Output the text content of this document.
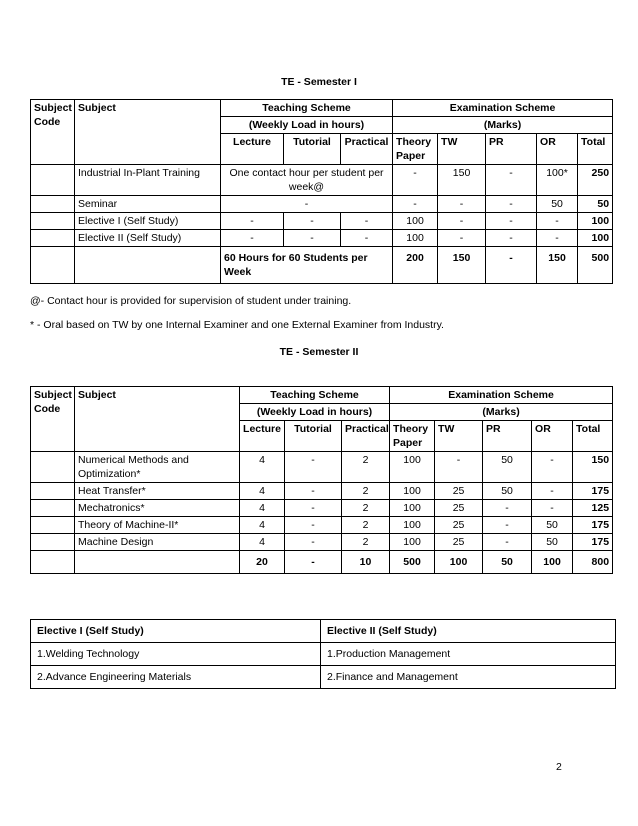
TE - Semester I
Subject Code	Subject	Teaching Scheme			Examination Scheme				
		(Weekly Load in hours)			(Marks)				
		Lecture	Tutorial	Practical	Theory Paper	TW	PR	OR	Total
	Industrial In-Plant Training	One contact hour per student per week@			-	150	-	100*	250
	Seminar	-			-	-	-	50	50
	Elective I (Self Study)	-	-	-	100	-	-	-	100
	Elective II (Self Study)	-	-	-	100	-	-	-	100
		60 Hours for 60 Students per Week			200	150	-	150	500
@- Contact hour is provided for supervision of student under training.
* - Oral based on TW by one Internal Examiner and one External Examiner from Industry.
TE - Semester II
Subject Code	Subject	Teaching Scheme			Examination Scheme				
		(Weekly Load in hours)			(Marks)				
		Lecture	Tutorial	Practical	Theory Paper	TW	PR	OR	Total
	Numerical Methods and Optimization*	4	-	2	100	-	50	-	150
	Heat Transfer*	4	-	2	100	25	50	-	175
	Mechatronics*	4	-	2	100	25	-	-	125
	Theory of Machine-II*	4	-	2	100	25	-	50	175
	Machine Design	4	-	2	100	25	-	50	175
		20	-	10	500	100	50	100	800
Elective I (Self Study)	Elective II (Self Study)
1.Welding Technology	1.Production Management
2.Advance Engineering Materials	2.Finance and Management
2
